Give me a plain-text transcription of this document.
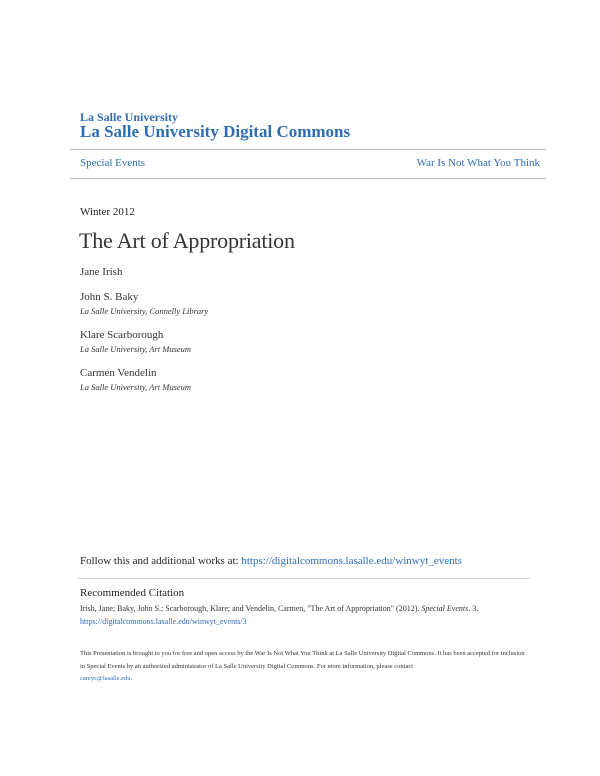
La Salle University
La Salle University Digital Commons
Special Events	War Is Not What You Think
Winter 2012
The Art of Appropriation
Jane Irish
John S. Baky
La Salle University, Connelly Library
Klare Scarborough
La Salle University, Art Museum
Carmen Vendelin
La Salle University, Art Museum
Follow this and additional works at: https://digitalcommons.lasalle.edu/winwyt_events
Recommended Citation
Irish, Jane; Baky, John S.; Scarborough, Klare; and Vendelin, Carmen, "The Art of Appropriation" (2012). Special Events. 3.
https://digitalcommons.lasalle.edu/winwyt_events/3
This Presentation is brought to you for free and open access by the War Is Not What You Think at La Salle University Digital Commons. It has been accepted for inclusion in Special Events by an authorized administrator of La Salle University Digital Commons. For more information, please contact
careyc@lasalle.edu.
